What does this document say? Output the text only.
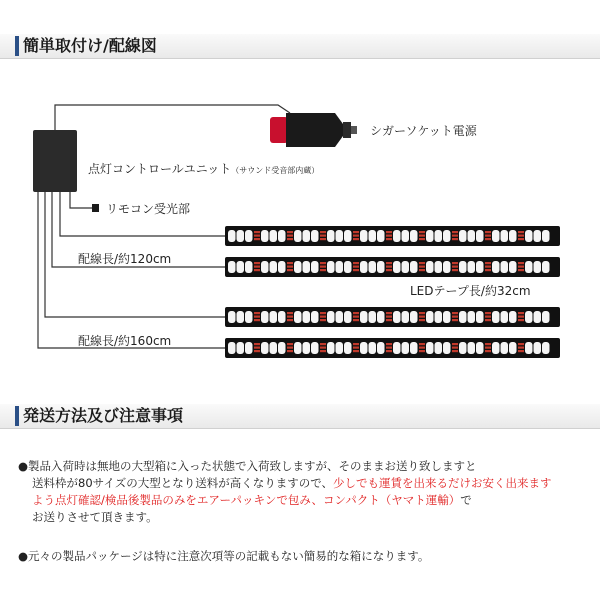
簡単取付け/配線図
シガーソケット電源
点灯コントロールユニット（サウンド受音部内蔵）
リモコン受光部
配線長/約120cm
LEDテープ長/約32cm
配線長/約160cm
発送方法及び注意事項
●製品入荷時は無地の大型箱に入った状態で入荷致しますが、そのままお送り致しますと
送料枠が80サイズの大型となり送料が高くなりますので、少しでも運賃を出来るだけお安く出来ます
よう点灯確認/検品後製品のみをエアーパッキンで包み、コンパクト（ヤマト運輸）で
お送りさせて頂きます。
●元々の製品パッケージは特に注意次項等の記載もない簡易的な箱になります。
